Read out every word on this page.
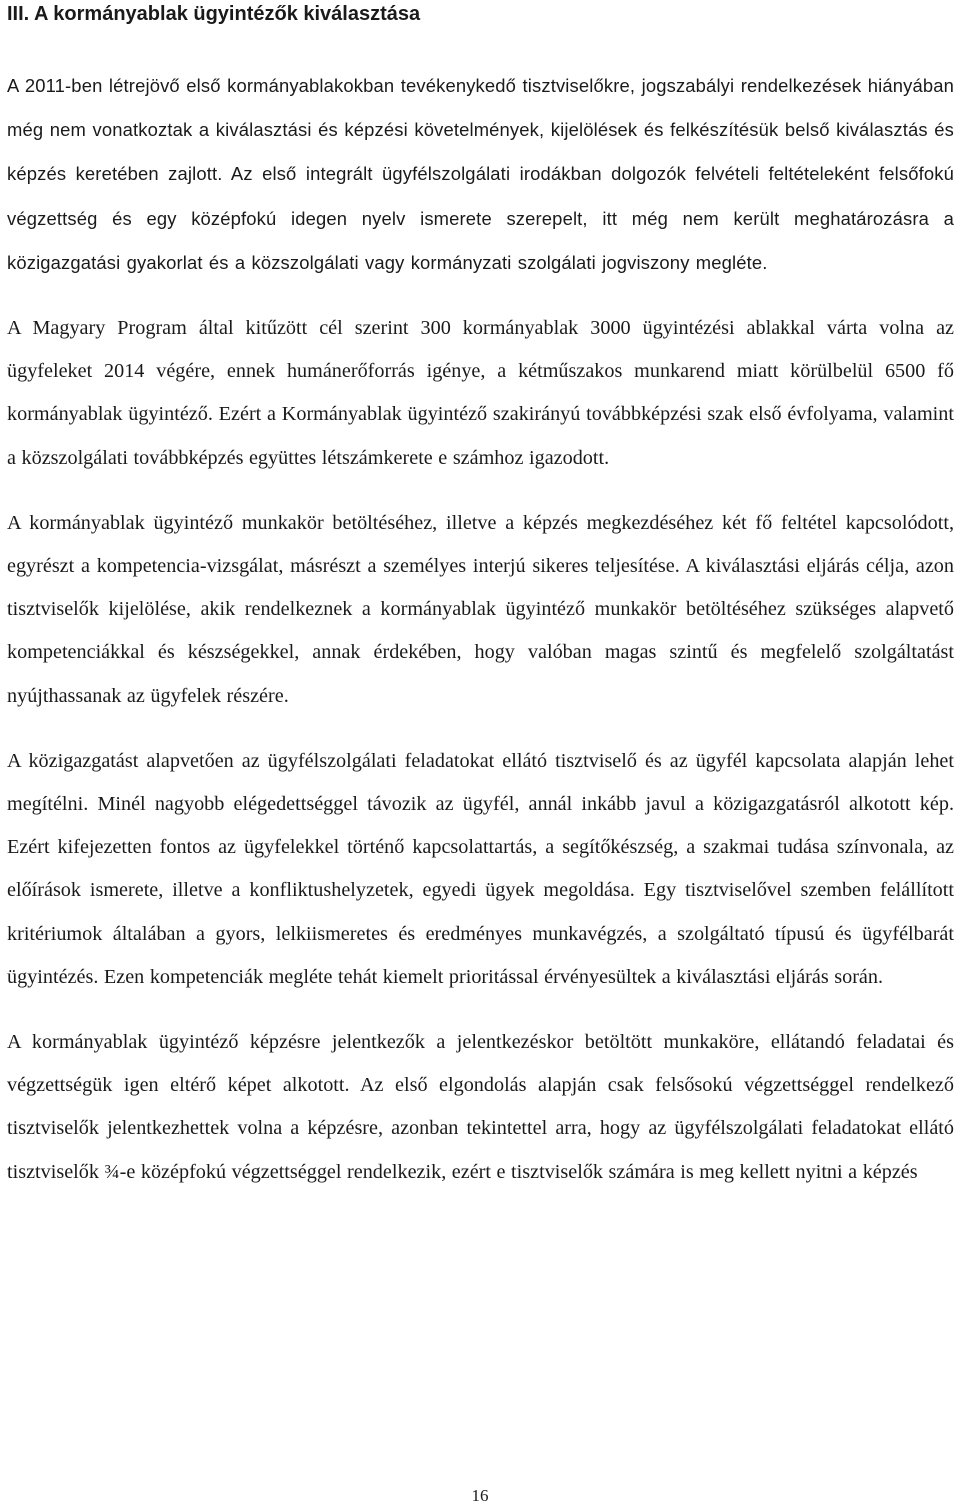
III. A kormányablak ügyintézők kiválasztása

A 2011-ben létrejövő első kormányablakokban tevékenykedő tisztviselőkre, jogszabályi rendelkezések hiányában még nem vonatkoztak a kiválasztási és képzési követelmények, kijelölések és felkészítésük belső kiválasztás és képzés keretében zajlott. Az első integrált ügyfélszolgálati irodákban dolgozók felvételi feltételeként felsőfokú végzettség és egy középfokú idegen nyelv ismerete szerepelt, itt még nem került meghatározásra a közigazgatási gyakorlat és a közszolgálati vagy kormányzati szolgálati jogviszony megléte.

A Magyary Program által kitűzött cél szerint 300 kormányablak 3000 ügyintézési ablakkal várta volna az ügyfeleket 2014 végére, ennek humánerőforrás igénye, a kétműszakos munkarend miatt körülbelül 6500 fő kormányablak ügyintéző. Ezért a Kormányablak ügyintéző szakirányú továbbképzési szak első évfolyama, valamint a közszolgálati továbbképzés együttes létszámkerete e számhoz igazodott.

A kormányablak ügyintéző munkakör betöltéséhez, illetve a képzés megkezdéséhez két fő feltétel kapcsolódott, egyrészt a kompetencia-vizsgálat, másrészt a személyes interjú sikeres teljesítése. A kiválasztási eljárás célja, azon tisztviselők kijelölése, akik rendelkeznek a kormányablak ügyintéző munkakör betöltéséhez szükséges alapvető kompetenciákkal és készségekkel, annak érdekében, hogy valóban magas szintű és megfelelő szolgáltatást nyújthassanak az ügyfelek részére.

A közigazgatást alapvetően az ügyfélszolgálati feladatokat ellátó tisztviselő és az ügyfél kapcsolata alapján lehet megítélni. Minél nagyobb elégedettséggel távozik az ügyfél, annál inkább javul a közigazgatásról alkotott kép. Ezért kifejezetten fontos az ügyfelekkel történő kapcsolattartás, a segítőkészség, a szakmai tudása színvonala, az előírások ismerete, illetve a konfliktushelyzetek, egyedi ügyek megoldása. Egy tisztviselővel szemben felállított kritériumok általában a gyors, lelkiismeretes és eredményes munkavégzés, a szolgáltató típusú és ügyfélbarát ügyintézés. Ezen kompetenciák megléte tehát kiemelt prioritással érvényesültek a kiválasztási eljárás során.

A kormányablak ügyintéző képzésre jelentkezők a jelentkezéskor betöltött munkaköre, ellátandó feladatai és végzettségük igen eltérő képet alkotott. Az első elgondolás alapján csak felsősokú végzettséggel rendelkező tisztviselők jelentkezhettek volna a képzésre, azonban tekintettel arra, hogy az ügyfélszolgálati feladatokat ellátó tisztviselők ¾-e középfokú végzettséggel rendelkezik, ezért e tisztviselők számára is meg kellett nyitni a képzés

16
